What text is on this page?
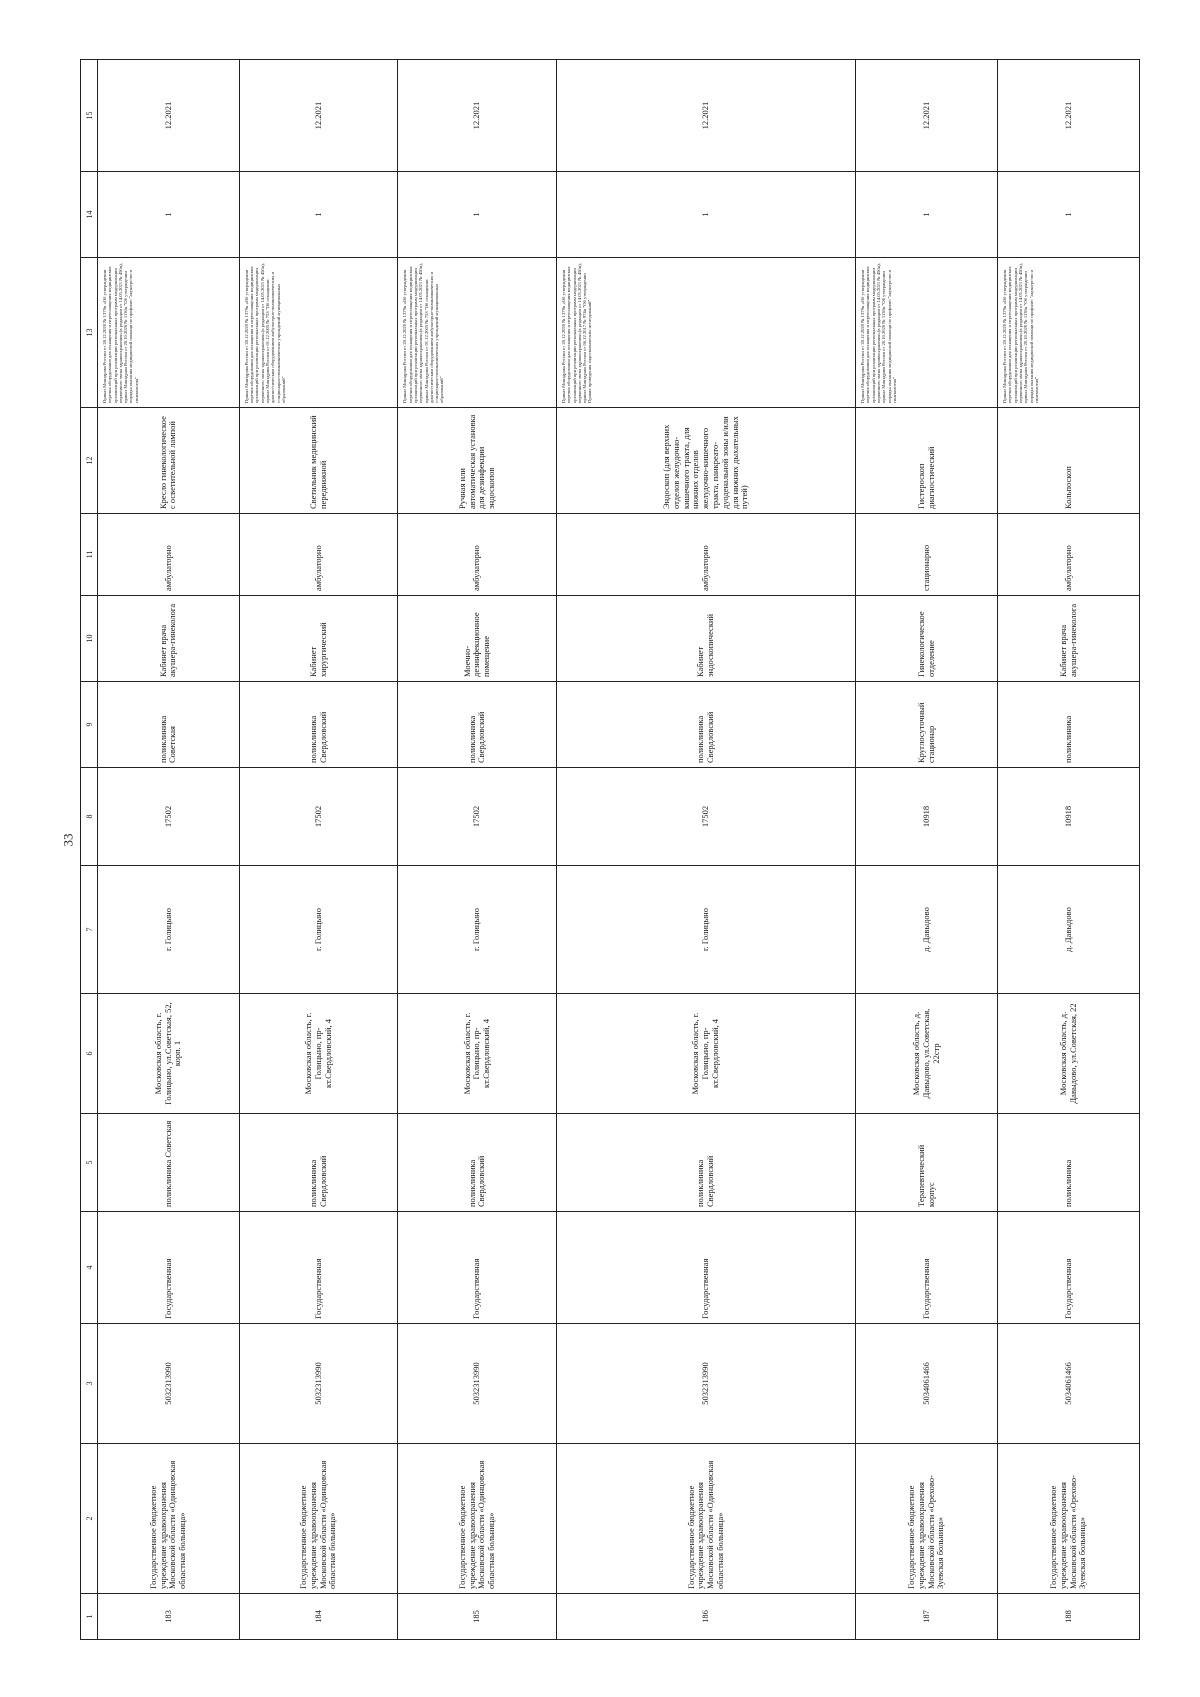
33
1	2	3	4	5	6	7	8	9	10	11	12	13	14	15
183	Государственное бюджетное учреждение здравоохранения Московской области «Одинцовская областная больница»	5032313990	Государственная	поликлиника Советская	Московская область, г. Голицыно, ул.Советская, 52, корп. 1	г. Голицыно	17502	поликлиника Советская	Кабинет врача акушера-гинеколога	амбулаторно	Кресло гинекологическое с осветительной лампой	Приказ Минздрава России от 28.12.2020 № 1379н «Об утверждении перечня оборудования для оснащения и переоснащения медицинских организаций при реализации региональных программ модернизации первичного звена здравоохранения»(в редакции от 14.05.2021 № 450н), приказ Минздрава России от 20.10.2020 № 1130н "Об утверждении порядка оказания медицинской помощи по профилю "акушерство и гинекология"	1	12.2021
184	Государственное бюджетное учреждение здравоохранения Московской области «Одинцовская областная больница»	5032313990	Государственная	поликлиника Свердловский	Московская область, г. Голицыно, пр-кт.Свердловский, 4	г. Голицыно	17502	поликлиника Свердловский	Кабинет хирургический	амбулаторно	Светильник медицинский передвижной	Приказ Минздрава России от 28.12.2020 № 1379н «Об утверждении перечня оборудования для оснащения и переоснащения медицинских организаций при реализации региональных программ модернизации первичного звена здравоохранения»(в редакции от 14.05.2021 № 450н), приказ Минздрава России от 01.12.2005 № 753 "Об оснащении диагностическим оборудованием амбулаторно-поликлинических и стационарно-поликлинических учреждений муниципальных образований"	1	12.2021
185	Государственное бюджетное учреждение здравоохранения Московской области «Одинцовская областная больница»	5032313990	Государственная	поликлиника Свердловский	Московская область, г. Голицыно, пр-кт.Свердловский, 4	г. Голицыно	17502	поликлиника Свердловский	Моечно-дезинфекционное помещение	амбулаторно	Ручная или автоматическая установка для дезинфекции эндоскопов	Приказ Минздрава России от 28.12.2020 № 1379н «Об утверждении перечня оборудования для оснащения и переоснащения медицинских организаций при реализации региональных программ модернизации первичного звена здравоохранения»(в редакции от 14.05.2021 № 450н), приказ Минздрава России от 01.12.2005 № 753 "Об оснащении диагностическим оборудованием амбулаторно-поликлинических и стационарно-поликлинических учреждений муниципальных образований"	1	12.2021
186	Государственное бюджетное учреждение здравоохранения Московской области «Одинцовская областная больница»	5032313990	Государственная	поликлиника Свердловский	Московская область, г. Голицыно, пр-кт.Свердловский, 4	г. Голицыно	17502	поликлиника Свердловский	Кабинет эндоскопический	амбулаторно	Эндоскоп (для верхних отделов желудочно-кишечного тракта, для нижних отделов желудочно-кишечного тракта, панкреато-дуоденальной зоны и/или для нижних дыхательных путей)	Приказ Минздрава России от 28.12.2020 № 1379н «Об утверждении перечня оборудования для оснащения и переоснащения медицинских организаций при реализации региональных программ модернизации первичного звена здравоохранения»(в редакции от 14.05.2021 № 450н), приказ Минздрава России от 06.12.2017 № 974н "Об утверждении Правил проведения эндоскопических исследований"	1	12.2021
187	Государственное бюджетное учреждение здравоохранения Московской области «Орехово-Зуевская больница»	5034061466	Государственная	Терапевтический корпус	Московская область, д. Давыдово, ул.Советская, 22стр	д. Давыдово	10918	Круглосуточный стационар	Гинекологическое отделение	стационарно	Гистероскоп диагностический	Приказ Минздрава России от 28.12.2020 № 1379н «Об утверждении перечня оборудования для оснащения и переоснащения медицинских организаций при реализации региональных программ модернизации первичного звена здравоохранения»(в редакции от 14.05.2021 № 450н), приказ Минздрава России от 20.10.2020 № 1130н "Об утверждении порядка оказания медицинской помощи по профилю "акушерство и гинекология"	1	12.2021
188	Государственное бюджетное учреждение здравоохранения Московской области «Орехово-Зуевская больница»	5034061466	Государственная	поликлиника	Московская область, д. Давыдово, ул.Советская, 22	д. Давыдово	10918	поликлиника	Кабинет врача акушера-гинеколога	амбулаторно	Кольпоскоп	Приказ Минздрава России от 28.12.2020 № 1379н «Об утверждении перечня оборудования для оснащения и переоснащения медицинских организаций при реализации региональных программ модернизации первичного звена здравоохранения»(в редакции от 14.05.2021 № 450н), приказ Минздрава России от 20.10.2020 № 1130н "Об утверждении порядка оказания медицинской помощи по профилю "акушерство и гинекология"	1	12.2021
